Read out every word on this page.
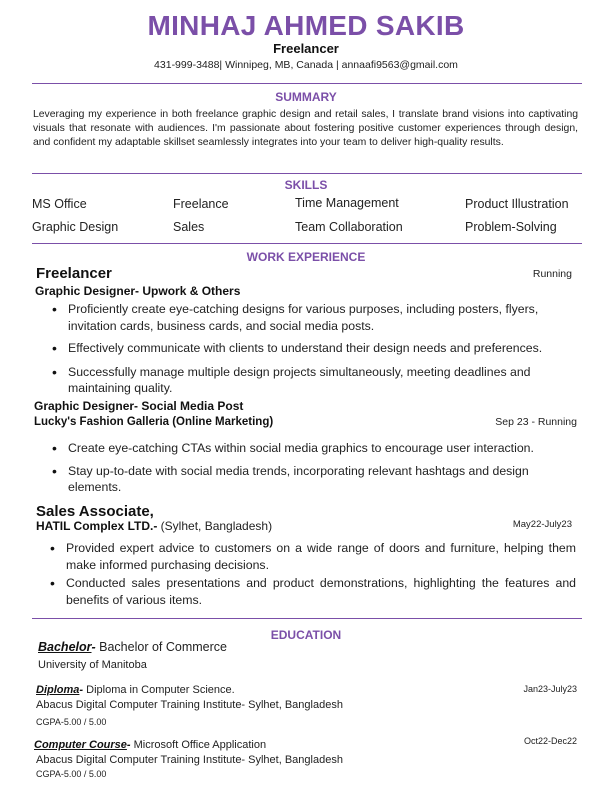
MINHAJ AHMED SAKIB
Freelancer
431-999-3488| Winnipeg, MB, Canada | annaafi9563@gmail.com
SUMMARY
Leveraging my experience in both freelance graphic design and retail sales, I translate brand visions into captivating visuals that resonate with audiences. I'm passionate about fostering positive customer experiences through design, and confident my adaptable skillset seamlessly integrates into your team to deliver high-quality results.
SKILLS
MS Office	Freelance	Time Management	Product Illustration
Graphic Design	Sales	Team Collaboration	Problem-Solving
WORK EXPERIENCE
Freelancer	Running
Graphic Designer- Upwork & Others
• Proficiently create eye-catching designs for various purposes, including posters, flyers, invitation cards, business cards, and social media posts.
• Effectively communicate with clients to understand their design needs and preferences.
• Successfully manage multiple design projects simultaneously, meeting deadlines and maintaining quality.
Graphic Designer- Social Media Post
Lucky's Fashion Galleria (Online Marketing)	Sep 23 - Running
• Create eye-catching CTAs within social media graphics to encourage user interaction.
• Stay up-to-date with social media trends, incorporating relevant hashtags and design elements.
Sales Associate,
HATIL Complex LTD.- (Sylhet, Bangladesh)	May22-July23
• Provided expert advice to customers on a wide range of doors and furniture, helping them make informed purchasing decisions.
• Conducted sales presentations and product demonstrations, highlighting the features and benefits of various items.
EDUCATION
Bachelor- Bachelor of Commerce
University of Manitoba
Diploma- Diploma in Computer Science.	Jan23-July23
Abacus Digital Computer Training Institute- Sylhet, Bangladesh
CGPA-5.00 / 5.00
Computer Course- Microsoft Office Application	Oct22-Dec22
Abacus Digital Computer Training Institute- Sylhet, Bangladesh
CGPA-5.00 / 5.00
